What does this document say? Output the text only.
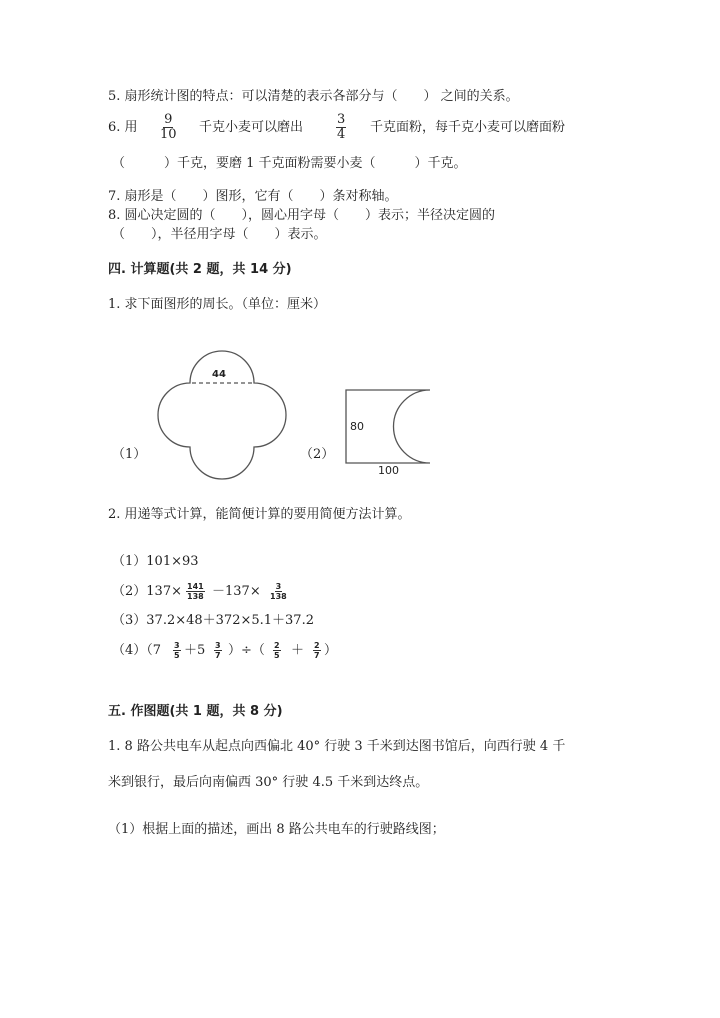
5. 扇形统计图的特点：可以清楚的表示各部分与（　　） 之间的关系。
6. 用 $\frac{9}{10}$ 千克小麦可以磨出	$\frac{3}{4}$ 千克面粉，每千克小麦可以磨面粉
（　　　）千克，要磨 1 千克面粉需要小麦（　　　）千克。
7. 扇形是（　　）图形，它有（　　）条对称轴。
8. 圆心决定圆的（　　），圆心用字母（　　）表示；半径决定圆的
（　　），半径用字母（　　）表示。
四. 计算题(共 2 题，共 14 分)
1. 求下面图形的周长。（单位：厘米）
44
（1）	（2）
80
100
2. 用递等式计算，能简便计算的要用简便方法计算。
（1）101×93
$(2)137\times \frac{141}{138} -137\times \frac{3}{138}$
（3）37.2×48＋372×5.1＋37.2
$(4)(7 \frac{3}{5} +5 \frac{3}{7}$ ）÷（ $\frac{2}{5} + \frac{2}{7}$ ）
五. 作图题(共 1 题，共 8 分)
1. 8 路公共电车从起点向西偏北 40° 行驶 3 千米到达图书馆后，向西行驶 4 千
米到银行，最后向南偏西 30° 行驶 4.5 千米到达终点。
（1）根据上面的描述，画出 8 路公共电车的行驶路线图；
